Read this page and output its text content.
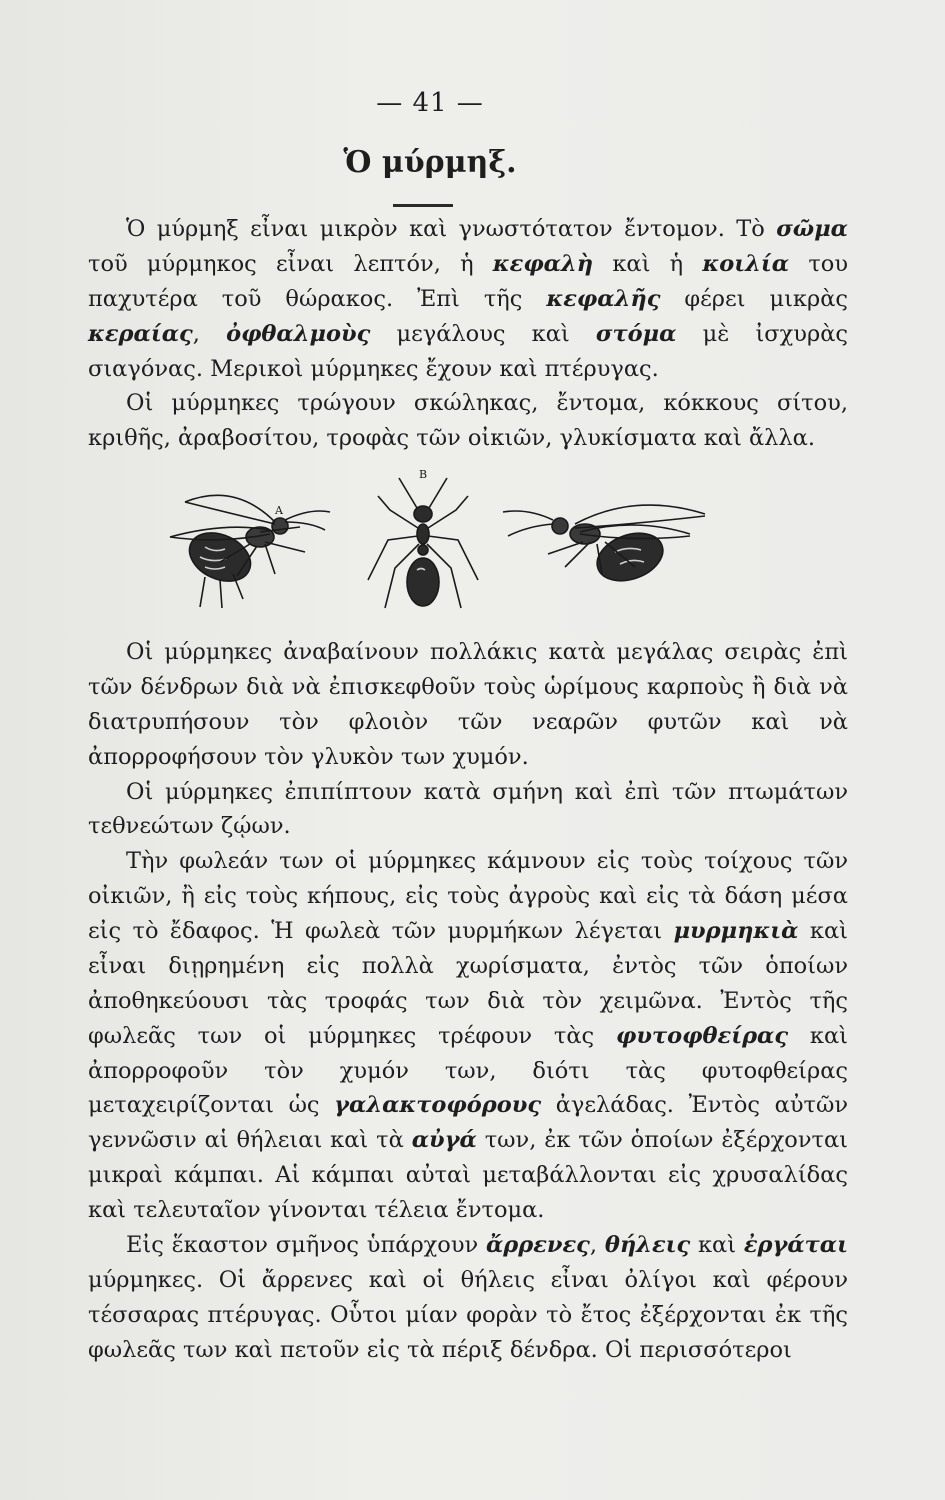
— 41 —
Ὁ μύρμηξ.

Ὁ μύρμηξ εἶναι μικρὸν καὶ γνωστότατον ἔντομον. Τὸ σῶμα τοῦ μύρμηκος εἶναι λεπτόν, ἡ κεφαλὴ καὶ ἡ κοιλία του παχυτέρα τοῦ θώρακος. Ἐπὶ τῆς κεφαλῆς φέρει μικρὰς κεραίας, ὀφθαλμοὺς μεγάλους καὶ στόμα μὲ ἰσχυρὰς σιαγόνας. Μερικοὶ μύρμηκες ἔχουν καὶ πτέρυγας.

Οἱ μύρμηκες τρώγουν σκώληκας, ἔντομα, κόκκους σίτου, κριθῆς, ἀραβοσίτου, τροφὰς τῶν οἰκιῶν, γλυκίσματα καὶ ἄλλα.

Α
Β

Οἱ μύρμηκες ἀναβαίνουν πολλάκις κατὰ μεγάλας σειρὰς ἐπὶ τῶν δένδρων διὰ νὰ ἐπισκεφθοῦν τοὺς ὡρίμους καρποὺς ἢ διὰ νὰ διατρυπήσουν τὸν φλοιὸν τῶν νεαρῶν φυτῶν καὶ νὰ ἀπορροφήσουν τὸν γλυκὸν των χυμόν.

Οἱ μύρμηκες ἐπιπίπτουν κατὰ σμήνη καὶ ἐπὶ τῶν πτωμάτων τεθνεώτων ζῴων.

Τὴν φωλεάν των οἱ μύρμηκες κάμνουν εἰς τοὺς τοίχους τῶν οἰκιῶν, ἢ εἰς τοὺς κήπους, εἰς τοὺς ἀγροὺς καὶ εἰς τὰ δάση μέσα εἰς τὸ ἔδαφος. Ἡ φωλεὰ τῶν μυρμήκων λέγεται μυρμηκιὰ καὶ εἶναι διῃρημένη εἰς πολλὰ χωρίσματα, ἐντὸς τῶν ὁποίων ἀποθηκεύουσι τὰς τροφάς των διὰ τὸν χειμῶνα. Ἐντὸς τῆς φωλεᾶς των οἱ μύρμηκες τρέφουν τὰς φυτοφθείρας καὶ ἀπορροφοῦν τὸν χυμόν των, διότι τὰς φυτοφθείρας μεταχειρίζονται ὡς γαλακτοφόρους ἀγελάδας. Ἐντὸς αὐτῶν γεννῶσιν αἱ θήλειαι καὶ τὰ αὐγά των, ἐκ τῶν ὁποίων ἐξέρχονται μικραὶ κάμπαι. Αἱ κάμπαι αὐταὶ μεταβάλλονται εἰς χρυσαλίδας καὶ τελευταῖον γίνονται τέλεια ἔντομα.

Εἰς ἕκαστον σμῆνος ὑπάρχουν ἄρρενες, θήλεις καὶ ἐργάται μύρμηκες. Οἱ ἄρρενες καὶ οἱ θήλεις εἶναι ὀλίγοι καὶ φέρουν τέσσαρας πτέρυγας. Οὗτοι μίαν φορὰν τὸ ἔτος ἐξέρχονται ἐκ τῆς φωλεᾶς των καὶ πετοῦν εἰς τὰ πέριξ δένδρα. Οἱ περισσότεροι
